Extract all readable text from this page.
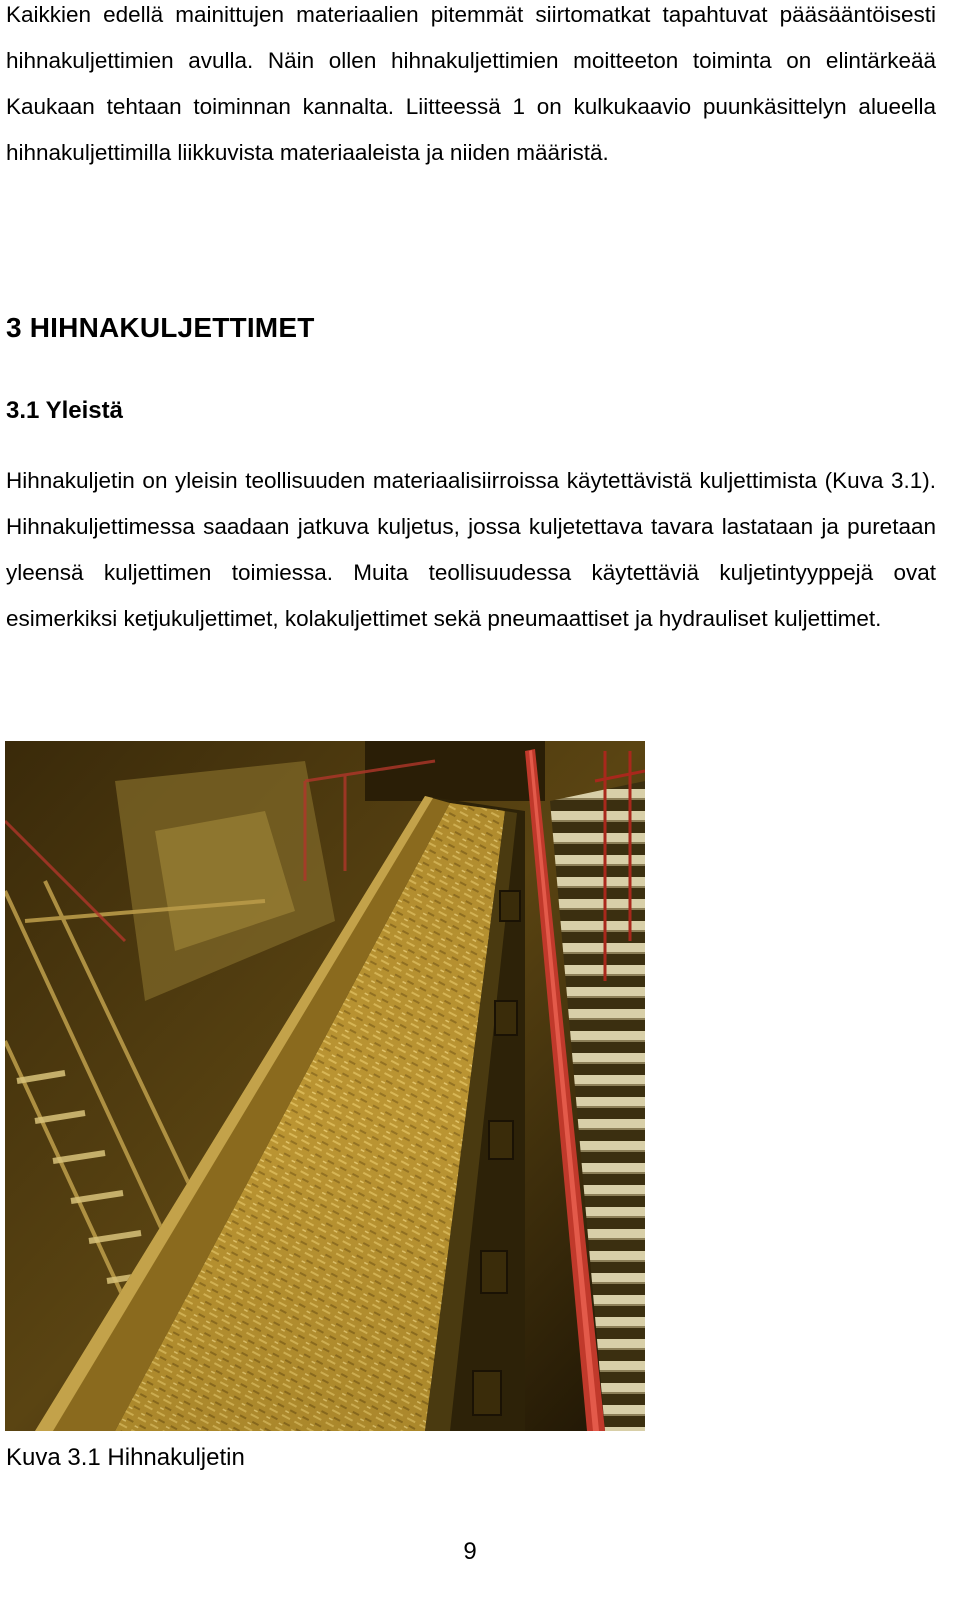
Kaikkien edellä mainittujen materiaalien pitemmät siirtomatkat tapahtuvat pääsääntöisesti hihnakuljettimien avulla. Näin ollen hihnakuljettimien moitteeton toiminta on elintärkeää Kaukaan tehtaan toiminnan kannalta. Liitteessä 1 on kulkukaavio puunkäsittelyn alueella hihnakuljettimilla liikkuvista materiaaleista ja niiden määristä.

3 HIHNAKULJETTIMET
3.1 Yleistä

Hihnakuljetin on yleisin teollisuuden materiaalisiirroissa käytettävistä kuljettimista (Kuva 3.1). Hihnakuljettimessa saadaan jatkuva kuljetus, jossa kuljetettava tavara lastataan ja puretaan yleensä kuljettimen toimiessa. Muita teollisuudessa käytettäviä kuljetintyyppejä ovat esimerkiksi ketjukuljettimet, kolakuljettimet sekä pneumaattiset ja hydrauliset kuljettimet.

Kuva 3.1 Hihnakuljetin

9
